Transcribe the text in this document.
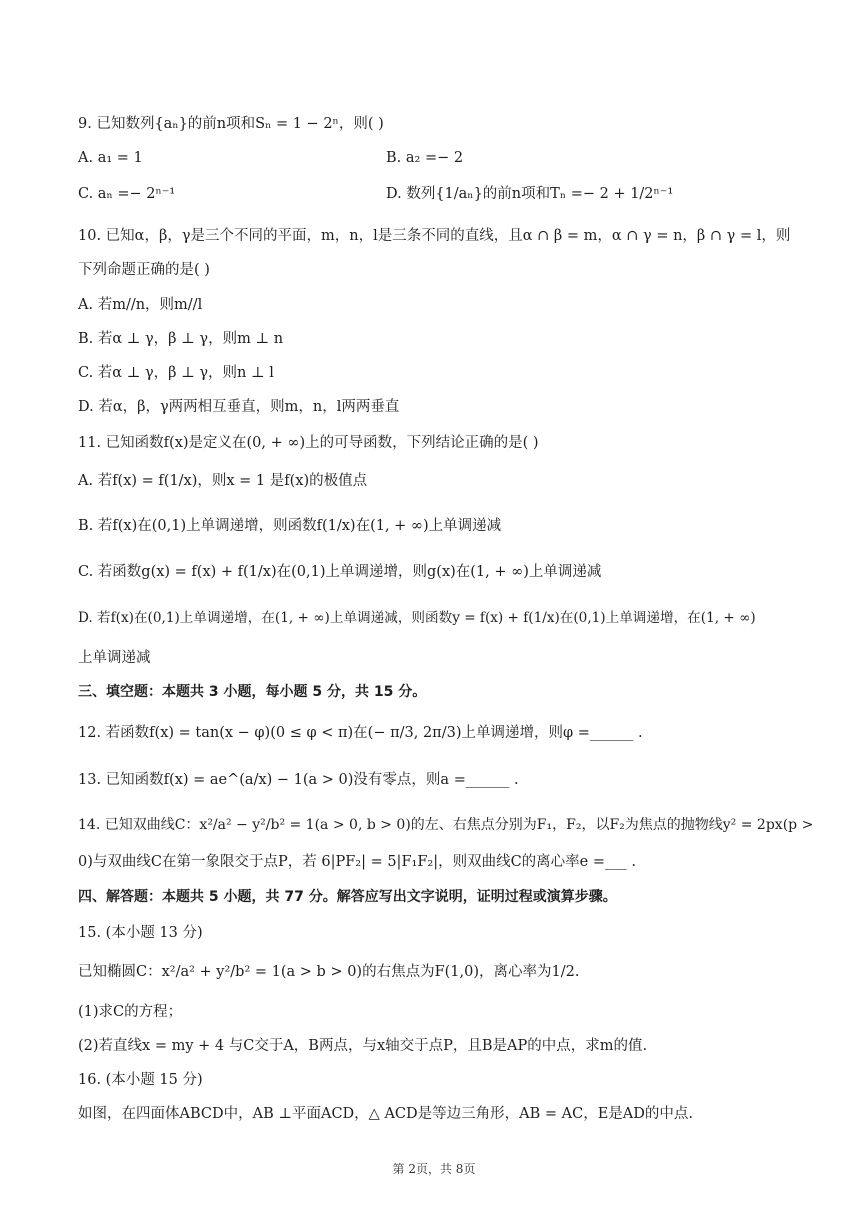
9. 已知数列{aₙ}的前n项和Sₙ = 1 − 2ⁿ，则( )
A. a₁ = 1	B. a₂ =− 2
C. aₙ =− 2ⁿ⁻¹	D. 数列{1/aₙ}的前n项和Tₙ =− 2 + 1/2ⁿ⁻¹
10. 已知α，β，γ是三个不同的平面，m，n，l是三条不同的直线，且α ∩ β = m，α ∩ γ = n，β ∩ γ = l，则
下列命题正确的是( )
A. 若m//n，则m//l
B. 若α ⊥ γ，β ⊥ γ，则m ⊥ n
C. 若α ⊥ γ，β ⊥ γ，则n ⊥ l
D. 若α，β，γ两两相互垂直，则m，n，l两两垂直
11. 已知函数f(x)是定义在(0, + ∞)上的可导函数，下列结论正确的是( )
A. 若f(x) = f(1/x)，则x = 1 是f(x)的极值点
B. 若f(x)在(0,1)上单调递增，则函数f(1/x)在(1, + ∞)上单调递减
C. 若函数g(x) = f(x) + f(1/x)在(0,1)上单调递增，则g(x)在(1, + ∞)上单调递减
D. 若f(x)在(0,1)上单调递增，在(1, + ∞)上单调递减，则函数y = f(x) + f(1/x)在(0,1)上单调递增，在(1, + ∞)
上单调递减
三、填空题：本题共 3 小题，每小题 5 分，共 15 分。
12. 若函数f(x) = tan(x − φ)(0 ≤ φ < π)在(− π/3, 2π/3)上单调递增，则φ =______ .
13. 已知函数f(x) = ae^(a/x) − 1(a > 0)没有零点，则a =______ .
14. 已知双曲线C：x²/a² − y²/b² = 1(a > 0, b > 0)的左、右焦点分别为F₁，F₂，以F₂为焦点的抛物线y² = 2px(p >
0)与双曲线C在第一象限交于点P，若 6|PF₂| = 5|F₁F₂|，则双曲线C的离心率e =___ .
四、解答题：本题共 5 小题，共 77 分。解答应写出文字说明，证明过程或演算步骤。
15. (本小题 13 分)
已知椭圆C：x²/a² + y²/b² = 1(a > b > 0)的右焦点为F(1,0)，离心率为1/2.
(1)求C的方程；
(2)若直线x = my + 4 与C交于A，B两点，与x轴交于点P，且B是AP的中点，求m的值.
16. (本小题 15 分)
如图，在四面体ABCD中，AB ⊥平面ACD，△ ACD是等边三角形，AB = AC，E是AD的中点.
第 2页，共 8页
